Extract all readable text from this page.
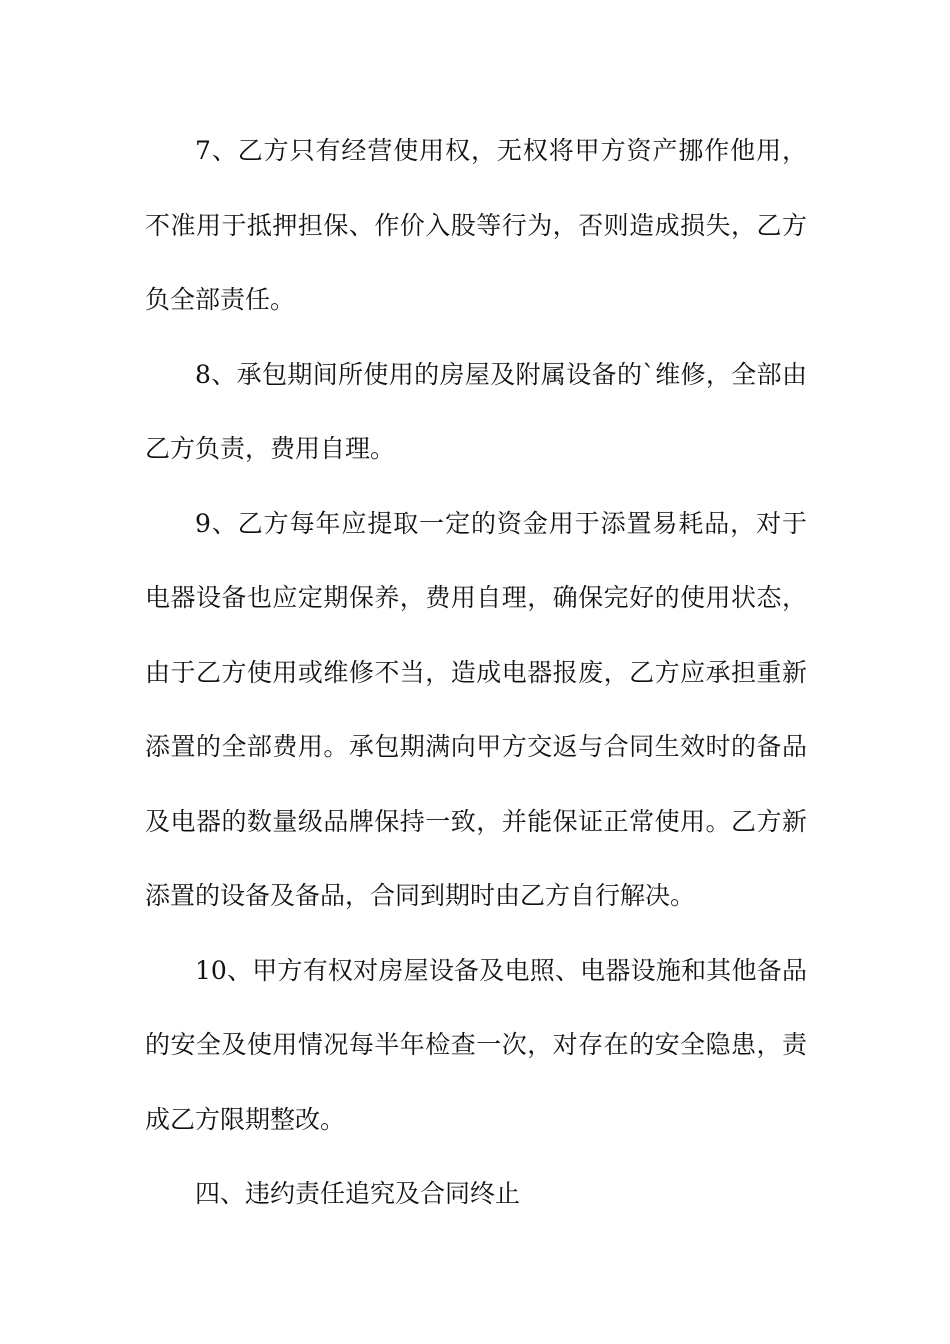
7、乙方只有经营使用权，无权将甲方资产挪作他用，不准用于抵押担保、作价入股等行为，否则造成损失，乙方负全部责任。

8、承包期间所使用的房屋及附属设备的`维修，全部由乙方负责，费用自理。

9、乙方每年应提取一定的资金用于添置易耗品，对于电器设备也应定期保养，费用自理，确保完好的使用状态，由于乙方使用或维修不当，造成电器报废，乙方应承担重新添置的全部费用。承包期满向甲方交返与合同生效时的备品及电器的数量级品牌保持一致，并能保证正常使用。乙方新添置的设备及备品，合同到期时由乙方自行解决。

10、甲方有权对房屋设备及电照、电器设施和其他备品的安全及使用情况每半年检查一次，对存在的安全隐患，责成乙方限期整改。

四、违约责任追究及合同终止
